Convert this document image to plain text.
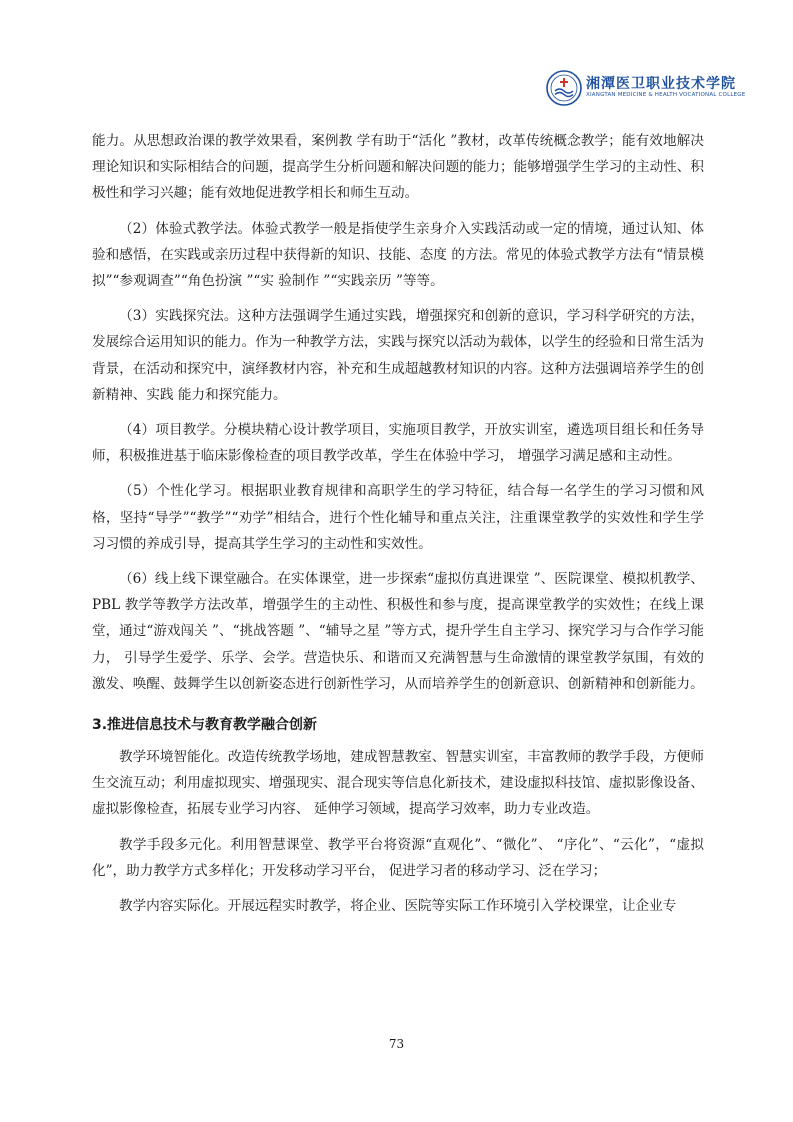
湘潭医卫职业技术学院
XIANGTAN MEDICINE & HEALTH VOCATIONAL COLLEGE

能力。从思想政治课的教学效果看，案例教 学有助于“活化 ”教材，改革传统概念教学；能有效地解决理论知识和实际相结合的问题，提高学生分析问题和解决问题的能力；能够增强学生学习的主动性、积极性和学习兴趣；能有效地促进教学相长和师生互动。

（2）体验式教学法。体验式教学一般是指使学生亲身介入实践活动或一定的情境，通过认知、体验和感悟，在实践或亲历过程中获得新的知识、技能、态度 的方法。常见的体验式教学方法有“情景模拟”“参观调查”“角色扮演 ”“实 验制作 ”“实践亲历 ”等等。

（3）实践探究法。这种方法强调学生通过实践，增强探究和创新的意识，学习科学研究的方法，发展综合运用知识的能力。作为一种教学方法，实践与探究以活动为载体，以学生的经验和日常生活为背景，在活动和探究中，演绎教材内容，补充和生成超越教材知识的内容。这种方法强调培养学生的创新精神、实践 能力和探究能力。

（4）项目教学。分模块精心设计教学项目，实施项目教学，开放实训室，遴选项目组长和任务导师，积极推进基于临床影像检查的项目教学改革，学生在体验中学习， 增强学习满足感和主动性。

（5）个性化学习。根据职业教育规律和高职学生的学习特征，结合每一名学生的学习习惯和风格，坚持“导学”“教学”“劝学”相结合，进行个性化辅导和重点关注，注重课堂教学的实效性和学生学习习惯的养成引导，提高其学生学习的主动性和实效性。

（6）线上线下课堂融合。在实体课堂，进一步探索“虚拟仿真进课堂 ”、医院课堂、模拟机教学、PBL 教学等教学方法改革，增强学生的主动性、积极性和参与度，提高课堂教学的实效性；在线上课堂，通过“游戏闯关 ”、“挑战答题 ”、“辅导之星 ”等方式，提升学生自主学习、探究学习与合作学习能力， 引导学生爱学、乐学、会学。营造快乐、和谐而又充满智慧与生命激情的课堂教学氛围，有效的激发、唤醒、鼓舞学生以创新姿态进行创新性学习，从而培养学生的创新意识、创新精神和创新能力。

3.推进信息技术与教育教学融合创新

教学环境智能化。改造传统教学场地，建成智慧教室、智慧实训室，丰富教师的教学手段，方便师生交流互动；利用虚拟现实、增强现实、混合现实等信息化新技术，建设虚拟科技馆、虚拟影像设备、虚拟影像检查，拓展专业学习内容、 延伸学习领域，提高学习效率，助力专业改造。

教学手段多元化。利用智慧课堂、教学平台将资源“直观化”、“微化”、 “序化”、“云化”，“虚拟化”，助力教学方式多样化；开发移动学习平台， 促进学习者的移动学习、泛在学习；

教学内容实际化。开展远程实时教学，将企业、医院等实际工作环境引入学校课堂，让企业专

73
